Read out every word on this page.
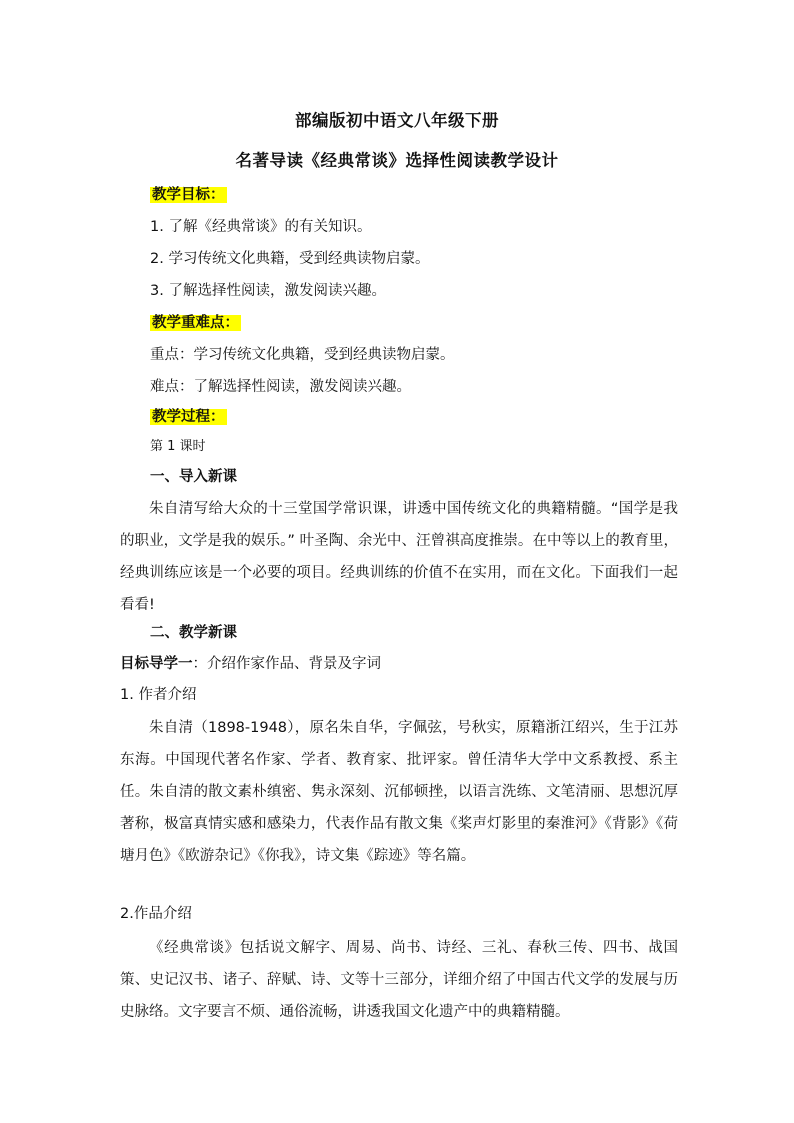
部编版初中语文八年级下册
名著导读《经典常谈》选择性阅读教学设计
教学目标：
1. 了解《经典常谈》的有关知识。
2. 学习传统文化典籍，受到经典读物启蒙。
3. 了解选择性阅读，激发阅读兴趣。
教学重难点：
重点：学习传统文化典籍，受到经典读物启蒙。
难点：了解选择性阅读，激发阅读兴趣。
教学过程：
第 1 课时
一、导入新课
朱自清写给大众的十三堂国学常识课，讲透中国传统文化的典籍精髓。“国学是我的职业，文学是我的娱乐。” 叶圣陶、余光中、汪曾祺高度推崇。在中等以上的教育里，经典训练应该是一个必要的项目。经典训练的价值不在实用，而在文化。下面我们一起看看!
二、教学新课
目标导学一：介绍作家作品、背景及字词
1. 作者介绍
朱自清（1898-1948），原名朱自华，字佩弦，号秋实，原籍浙江绍兴，生于江苏东海。中国现代著名作家、学者、教育家、批评家。曾任清华大学中文系教授、系主任。朱自清的散文素朴缜密、隽永深刻、沉郁顿挫，以语言洗练、文笔清丽、思想沉厚著称，极富真情实感和感染力，代表作品有散文集《桨声灯影里的秦淮河》《背影》《荷塘月色》《欧游杂记》《你我》，诗文集《踪迹》等名篇。
2.作品介绍
《经典常谈》包括说文解字、周易、尚书、诗经、三礼、春秋三传、四书、战国策、史记汉书、诸子、辞赋、诗、文等十三部分，详细介绍了中国古代文学的发展与历史脉络。文字要言不烦、通俗流畅，讲透我国文化遗产中的典籍精髓。
